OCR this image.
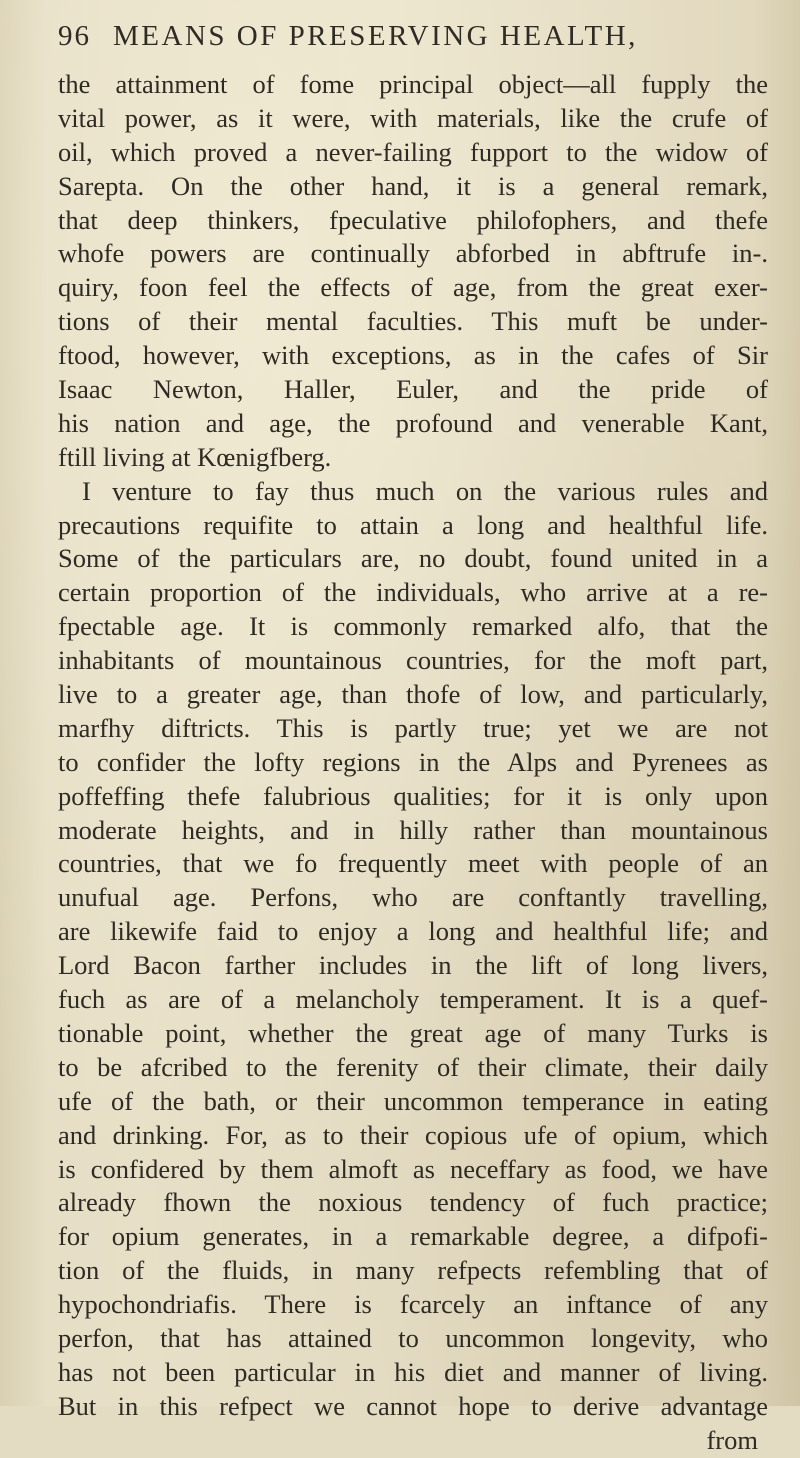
96 MEANS OF PRESERVING HEALTH,
the attainment of fome principal object—all fupply the
vital power, as it were, with materials, like the crufe of
oil, which proved a never-failing fupport to the widow of
Sarepta. On the other hand, it is a general remark,
that deep thinkers, fpeculative philofophers, and thefe
whofe powers are continually abforbed in abftrufe in-.
quiry, foon feel the effects of age, from the great exer-
tions of their mental faculties. This muft be under-
ftood, however, with exceptions, as in the cafes of Sir
Isaac Newton, Haller, Euler, and the pride of
his nation and age, the profound and venerable Kant,
ftill living at Kœnigfberg.
I venture to fay thus much on the various rules and
precautions requifite to attain a long and healthful life.
Some of the particulars are, no doubt, found united in a
certain proportion of the individuals, who arrive at a re-
fpectable age. It is commonly remarked alfo, that the
inhabitants of mountainous countries, for the moft part,
live to a greater age, than thofe of low, and particularly,
marfhy diftricts. This is partly true; yet we are not
to confider the lofty regions in the Alps and Pyrenees as
poffeffing thefe falubrious qualities; for it is only upon
moderate heights, and in hilly rather than mountainous
countries, that we fo frequently meet with people of an
unufual age. Perfons, who are conftantly travelling,
are likewife faid to enjoy a long and healthful life; and
Lord Bacon farther includes in the lift of long livers,
fuch as are of a melancholy temperament. It is a quef-
tionable point, whether the great age of many Turks is
to be afcribed to the ferenity of their climate, their daily
ufe of the bath, or their uncommon temperance in eating
and drinking. For, as to their copious ufe of opium, which
is confidered by them almoft as neceffary as food, we have
already fhown the noxious tendency of fuch practice;
for opium generates, in a remarkable degree, a difpofi-
tion of the fluids, in many refpects refembling that of
hypochondriafis. There is fcarcely an inftance of any
perfon, that has attained to uncommon longevity, who
has not been particular in his diet and manner of living.
But in this refpect we cannot hope to derive advantage
from
